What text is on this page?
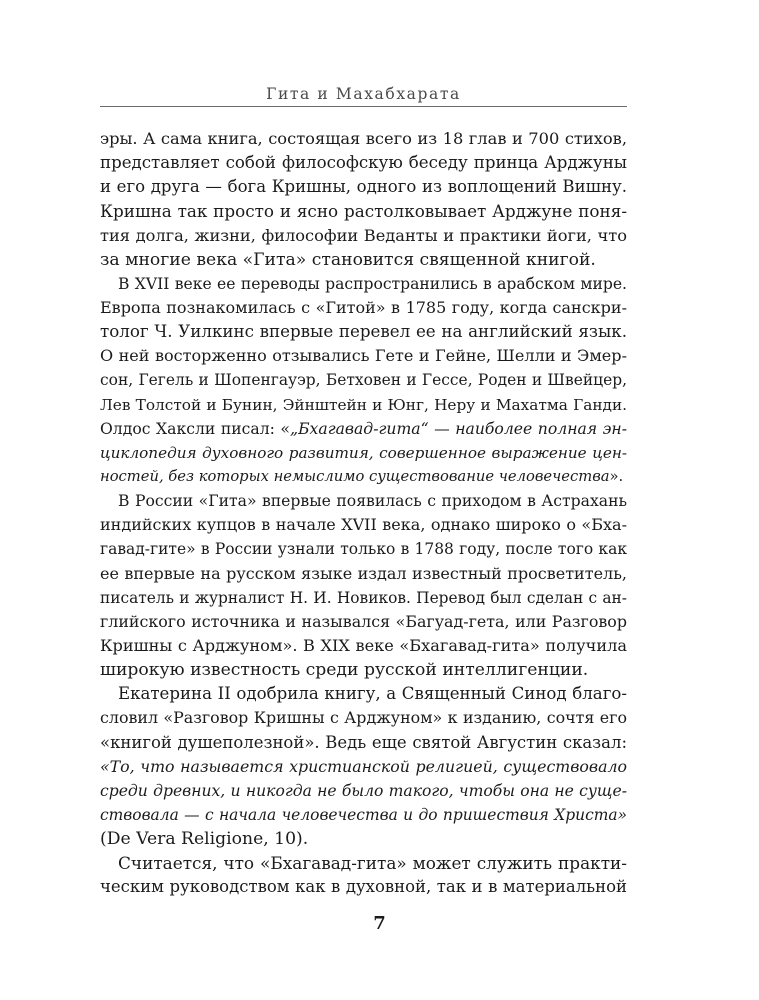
Гита и Махабхарата
эры. А сама книга, состоящая всего из 18 глав и 700 стихов,
представляет собой философскую беседу принца Арджуны
и его друга — бога Кришны, одного из воплощений Вишну.
Кришна так просто и ясно растолковывает Арджуне поня-
тия долга, жизни, философии Веданты и практики йоги, что
за многие века «Гита» становится священной книгой.
В XVII веке ее переводы распространились в арабском мире.
Европа познакомилась с «Гитой» в 1785 году, когда санскри-
толог Ч. Уилкинс впервые перевел ее на английский язык.
О ней восторженно отзывались Гете и Гейне, Шелли и Эмер-
сон, Гегель и Шопенгауэр, Бетховен и Гессе, Роден и Швейцер,
Лев Толстой и Бунин, Эйнштейн и Юнг, Неру и Махатма Ганди.
Олдос Хаксли писал: «„Бхагавад-гита“ — наиболее полная эн-
циклопедия духовного развития, совершенное выражение цен-
ностей, без которых немыслимо существование человечества».
В России «Гита» впервые появилась с приходом в Астрахань
индийских купцов в начале XVII века, однако широко о «Бха-
гавад-гите» в России узнали только в 1788 году, после того как
ее впервые на русском языке издал известный просветитель,
писатель и журналист Н. И. Новиков. Перевод был сделан с ан-
глийского источника и назывался «Багуад-гета, или Разговор
Кришны с Арджуном». В XIX веке «Бхагавад-гита» получила
широкую известность среди русской интеллигенции.
Екатерина II одобрила книгу, а Священный Синод благо-
словил «Разговор Кришны с Арджуном» к изданию, сочтя его
«книгой душеполезной». Ведь еще святой Августин сказал:
«То, что называется христианской религией, существовало
среди древних, и никогда не было такого, чтобы она не суще-
ствовала — с начала человечества и до пришествия Христа»
(De Vera Religione, 10).
Считается, что «Бхагавад-гита» может служить практи-
ческим руководством как в духовной, так и в материальной
7
